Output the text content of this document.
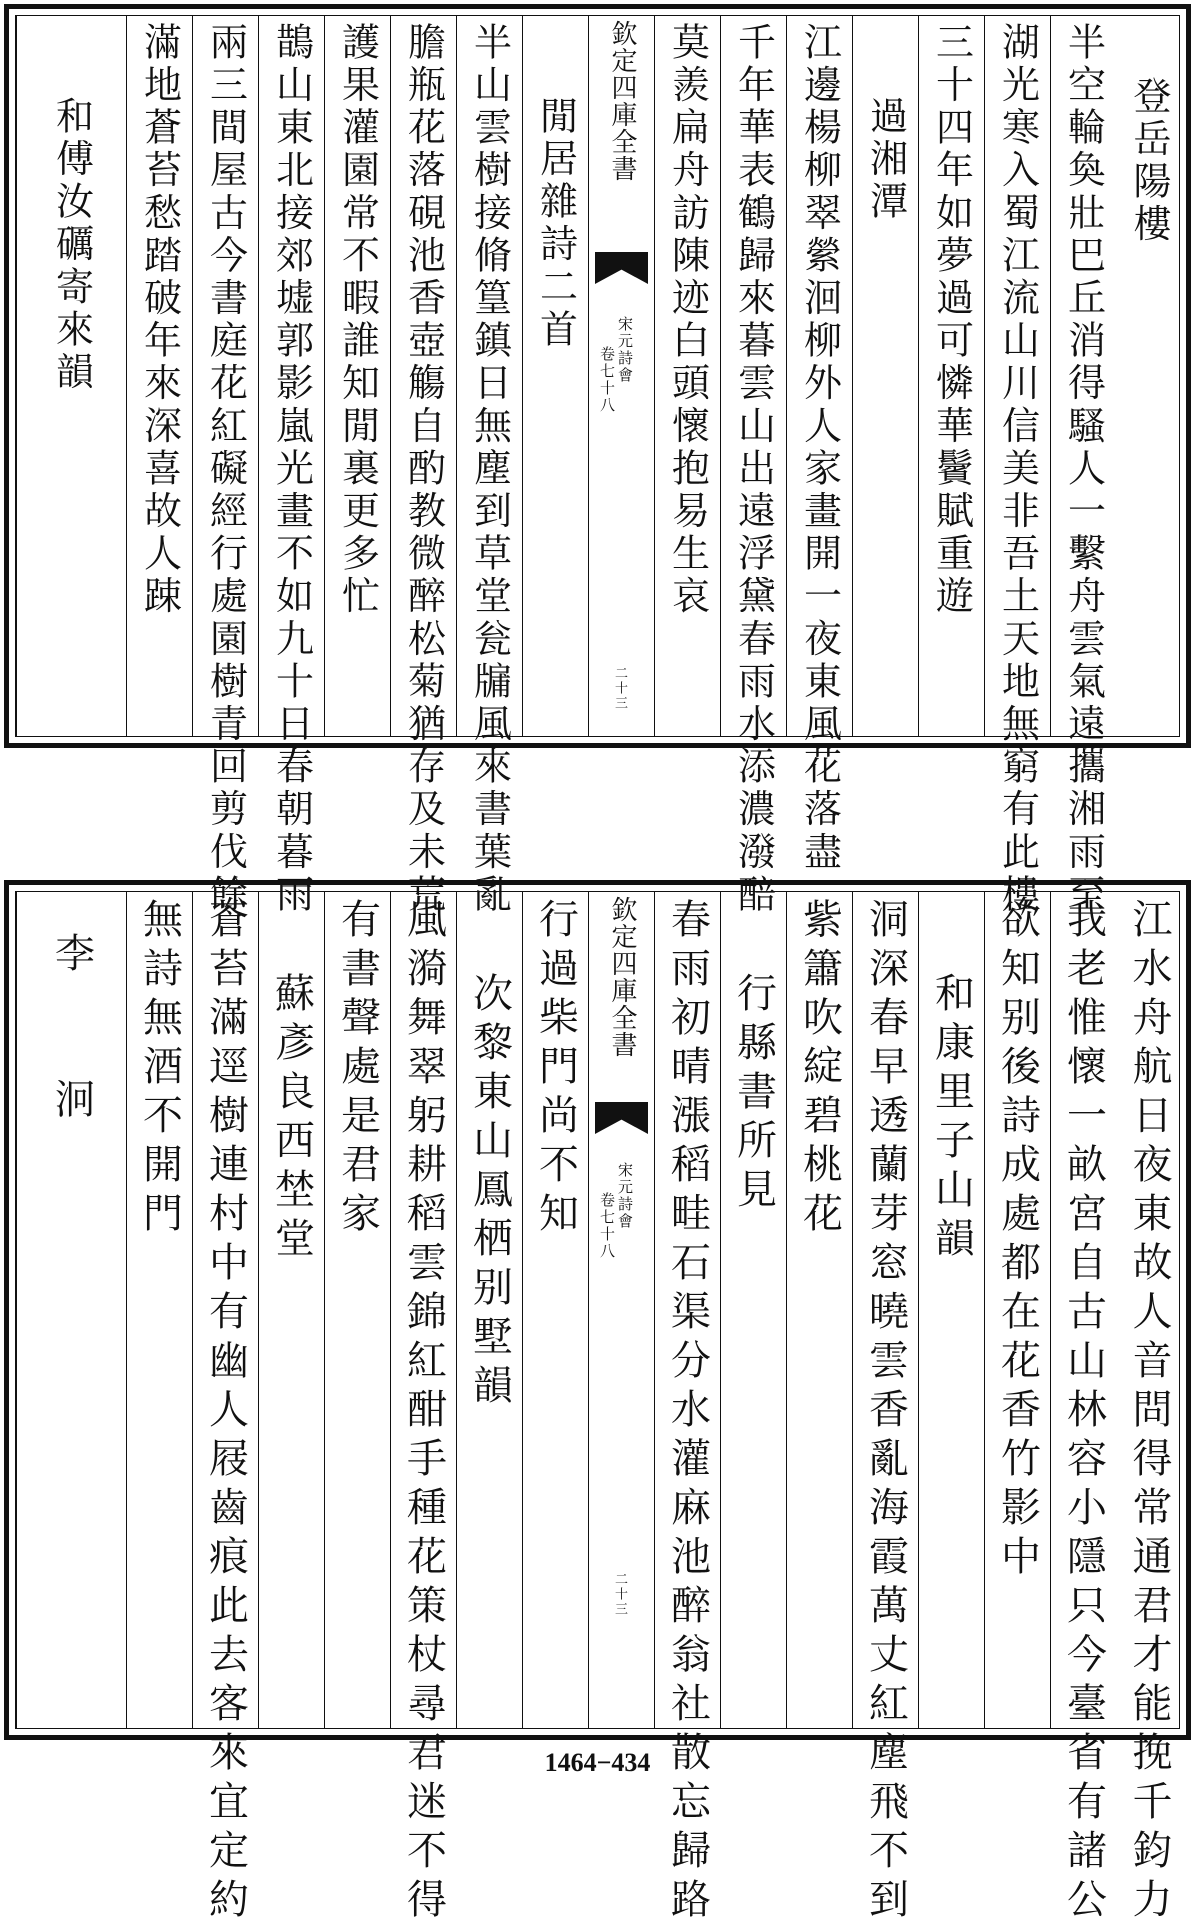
登岳陽樓
半空輪奐壯巴丘消得騷人一繫舟雲氣遠攜湘雨至
湖光寒入蜀江流山川信美非吾土天地無窮有此樓
三十四年如夢過可憐華鬢賦重遊
過湘潭
江邊楊柳翠縈洄柳外人家畫開一夜東風花落盡
千年華表鶴歸來暮雲山出遠浮黛春雨水添濃潑醅
莫羨扁舟訪陳迹白頭懷抱易生哀
欽定四庫全書
宋元詩會
卷七十八
二十三
閒居雜詩二首
半山雲樹接脩篁鎮日無塵到草堂瓮牖風來書葉亂
膽瓶花落硯池香壺觴自酌教微醉松菊猶存及未荒
護果灌園常不暇誰知閒裏更多忙
鵲山東北接郊墟郭影嵐光畫不如九十日春朝暮雨
兩三間屋古今書庭花紅礙經行處園樹青回剪伐餘
滿地蒼苔愁踏破年來深喜故人踈
和傅汝礪寄來韻
江水舟航日夜東故人音問得常通君才能挽千鈞力
我老惟懷一畝宮自古山林容小隱只今臺省有諸公
欲知别後詩成處都在花香竹影中
和康里子山韻
洞深春早透蘭芽窓曉雲香亂海霞萬丈紅塵飛不到
紫簫吹綻碧桃花
行縣書所見
春雨初晴漲稻畦石渠分水灌麻池醉翁社散忘歸路
欽定四庫全書
宋元詩會
卷七十八
二十三
行過柴門尚不知
次黎東山鳳栖别墅韻
風漪舞翠躬耕稻雲錦紅酣手種花策杖尋君迷不得
有書聲處是君家
蘇彥良西埜堂
蒼苔滿逕樹連村中有幽人屐齒痕此去客來宜定約
無詩無酒不開門
李 泂
1464−434
